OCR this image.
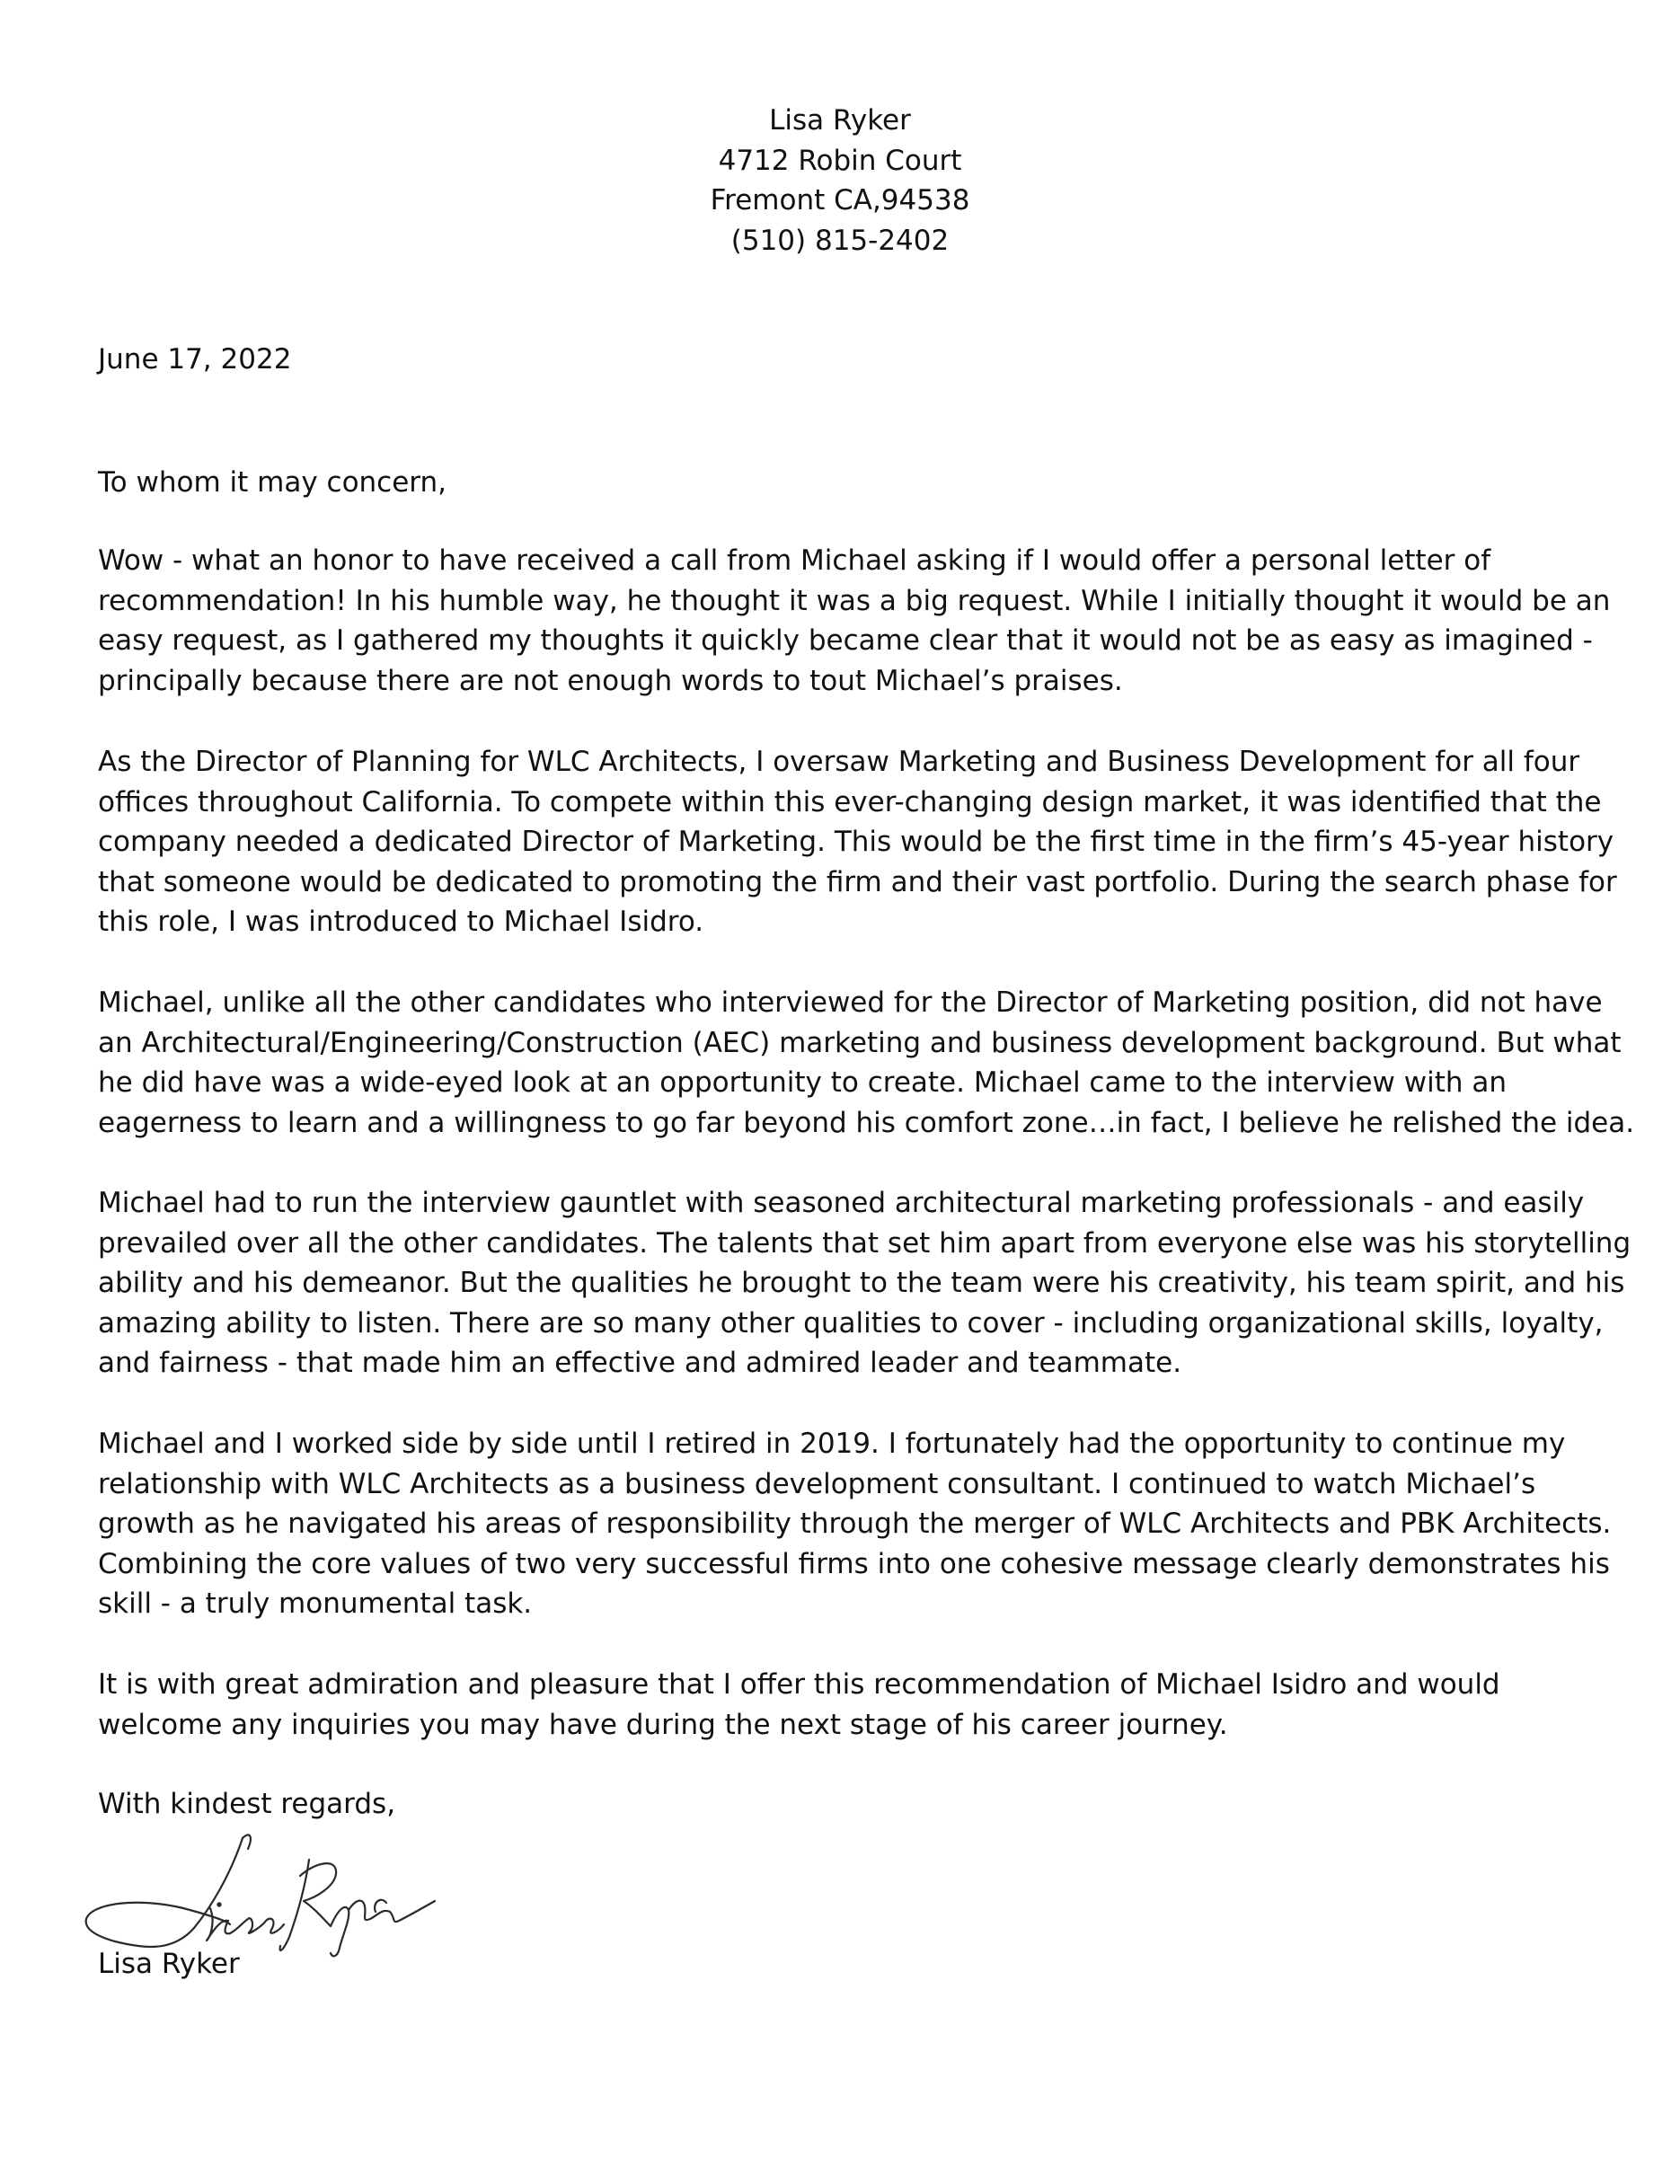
Lisa Ryker
4712 Robin Court
Fremont CA,94538
(510) 815-2402
June 17, 2022
To whom it may concern,
Wow - what an honor to have received a call from Michael asking if I would offer a personal letter of
recommendation! In his humble way, he thought it was a big request. While I initially thought it would be an
easy request, as I gathered my thoughts it quickly became clear that it would not be as easy as imagined -
principally because there are not enough words to tout Michael’s praises.
As the Director of Planning for WLC Architects, I oversaw Marketing and Business Development for all four
offices throughout California. To compete within this ever-changing design market, it was identified that the
company needed a dedicated Director of Marketing. This would be the first time in the firm’s 45-year history
that someone would be dedicated to promoting the firm and their vast portfolio. During the search phase for
this role, I was introduced to Michael Isidro.
Michael, unlike all the other candidates who interviewed for the Director of Marketing position, did not have
an Architectural/Engineering/Construction (AEC) marketing and business development background. But what
he did have was a wide-eyed look at an opportunity to create. Michael came to the interview with an
eagerness to learn and a willingness to go far beyond his comfort zone…in fact, I believe he relished the idea.
Michael had to run the interview gauntlet with seasoned architectural marketing professionals - and easily
prevailed over all the other candidates. The talents that set him apart from everyone else was his storytelling
ability and his demeanor. But the qualities he brought to the team were his creativity, his team spirit, and his
amazing ability to listen. There are so many other qualities to cover - including organizational skills, loyalty,
and fairness - that made him an effective and admired leader and teammate.
Michael and I worked side by side until I retired in 2019. I fortunately had the opportunity to continue my
relationship with WLC Architects as a business development consultant. I continued to watch Michael’s
growth as he navigated his areas of responsibility through the merger of WLC Architects and PBK Architects.
Combining the core values of two very successful firms into one cohesive message clearly demonstrates his
skill - a truly monumental task.
It is with great admiration and pleasure that I offer this recommendation of Michael Isidro and would
welcome any inquiries you may have during the next stage of his career journey.
With kindest regards,
Lisa Ryker
